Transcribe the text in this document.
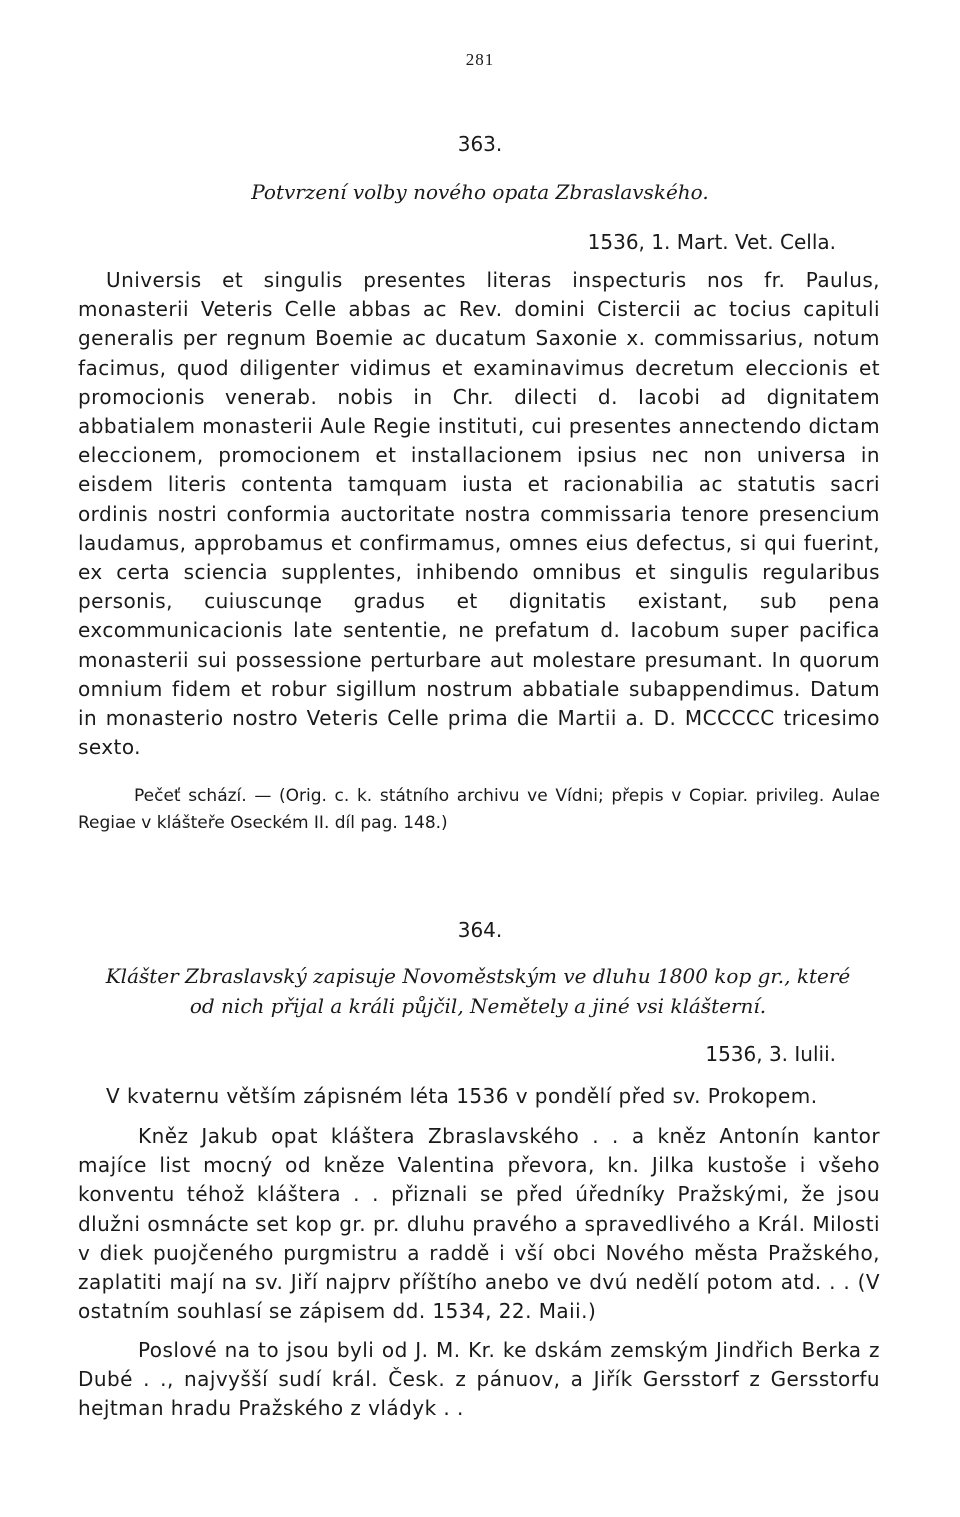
281
363.
Potvrzení volby nového opata Zbraslavského.
1536, 1. Mart. Vet. Cella.
Universis et singulis presentes literas inspecturis nos fr. Paulus, monasterii Veteris Celle abbas ac Rev. domini Cistercii ac tocius capituli generalis per regnum Boemie ac ducatum Saxonie x. commissarius, notum facimus, quod diligenter vidimus et examinavimus decretum eleccionis et promocionis venerab. nobis in Chr. dilecti d. Iacobi ad dignitatem abbatialem monasterii Aule Regie instituti, cui presentes annectendo dictam eleccionem, promocionem et installacionem ipsius nec non universa in eisdem literis contenta tamquam iusta et racionabilia ac statutis sacri ordinis nostri conformia auctoritate nostra commissaria tenore presencium laudamus, approbamus et confirmamus, omnes eius defectus, si qui fuerint, ex certa sciencia supplentes, inhibendo omnibus et singulis regularibus personis, cuiuscunqe gradus et dignitatis existant, sub pena excommunicacionis late sententie, ne prefatum d. Iacobum super pacifica monasterii sui possessione perturbare aut molestare presumant. In quorum omnium fidem et robur sigillum nostrum abbatiale subappendimus. Datum in monasterio nostro Veteris Celle prima die Martii a. D. MCCCCC tricesimo sexto.
Pečeť schází. — (Orig. c. k. státního archivu ve Vídni; přepis v Copiar. privileg. Aulae Regiae v klášteře Oseckém II. díl pag. 148.)
364.
Klášter Zbraslavský zapisuje Novoměstským ve dluhu 1800 kop gr., které
od nich přijal a králi půjčil, Nemětely a jiné vsi klášterní.
1536, 3. Iulii.
V kvaternu větším zápisném léta 1536 v pondělí před sv. Prokopem.
Kněz Jakub opat kláštera Zbraslavského . . a kněz Antonín kantor majíce list mocný od kněze Valentina převora, kn. Jilka kustoše i všeho konventu téhož kláštera . . přiznali se před úředníky Pražskými, že jsou dlužni osmnácte set kop gr. pr. dluhu pravého a spravedlivého a Král. Milosti v diek puojčeného purgmistru a raddě i vší obci Nového města Pražského, zaplatiti mají na sv. Jiří najprv příštího anebo ve dvú nedělí potom atd. . . (V ostatním souhlasí se zápisem dd. 1534, 22. Maii.)
Poslové na to jsou byli od J. M. Kr. ke dskám zemským Jindřich Berka z Dubé . ., najvyšší sudí král. Česk. z pánuov, a Jiřík Gersstorf z Gersstorfu hejtman hradu Pražského z vládyk . .
